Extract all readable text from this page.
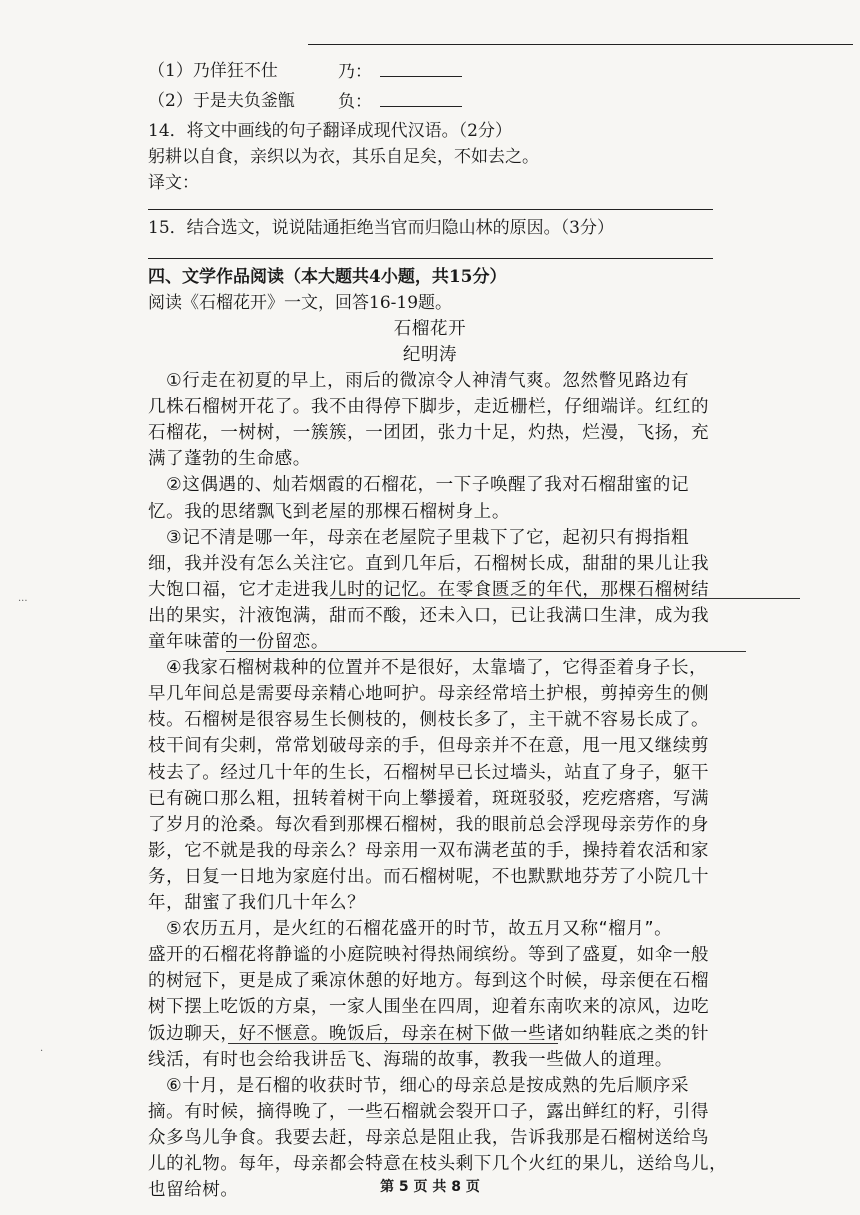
（1）乃佯狂不仕	乃：
（2）于是夫负釜甑	负：
14．将文中画线的句子翻译成现代汉语。（2分）
躬耕以自食，亲织以为衣，其乐自足矣，不如去之。
译文：
15．结合选文，说说陆通拒绝当官而归隐山林的原因。（3分）
四、文学作品阅读（本大题共4小题，共15分）
阅读《石榴花开》一文，回答16-19题。
石榴花开
纪明涛
①行走在初夏的早上，雨后的微凉令人神清气爽。忽然瞥见路边有
几株石榴树开花了。我不由得停下脚步，走近栅栏，仔细端详。红红的
石榴花，一树树，一簇簇，一团团，张力十足，灼热，烂漫，飞扬，充
满了蓬勃的生命感。
②这偶遇的、灿若烟霞的石榴花，一下子唤醒了我对石榴甜蜜的记
忆。我的思绪飘飞到老屋的那棵石榴树身上。
③记不清是哪一年，母亲在老屋院子里栽下了它，起初只有拇指粗
细，我并没有怎么关注它。直到几年后，石榴树长成，甜甜的果儿让我
大饱口福，它才走进我儿时的记忆。在零食匮乏的年代，那棵石榴树结
出的果实，汁液饱满，甜而不酸，还未入口，已让我满口生津，成为我
童年味蕾的一份留恋。
④我家石榴树栽种的位置并不是很好，太靠墙了，它得歪着身子长，
早几年间总是需要母亲精心地呵护。母亲经常培土护根，剪掉旁生的侧
枝。石榴树是很容易生长侧枝的，侧枝长多了，主干就不容易长成了。
枝干间有尖刺，常常划破母亲的手，但母亲并不在意，甩一甩又继续剪
枝去了。经过几十年的生长，石榴树早已长过墙头，站直了身子，躯干
已有碗口那么粗，扭转着树干向上攀援着，斑斑驳驳，疙疙瘩瘩，写满
了岁月的沧桑。每次看到那棵石榴树，我的眼前总会浮现母亲劳作的身
影，它不就是我的母亲么？母亲用一双布满老茧的手，操持着农活和家
务，日复一日地为家庭付出。而石榴树呢，不也默默地芬芳了小院几十
年，甜蜜了我们几十年么？
⑤农历五月，是火红的石榴花盛开的时节，故五月又称“榴月”。
盛开的石榴花将静谧的小庭院映衬得热闹缤纷。等到了盛夏，如伞一般
的树冠下，更是成了乘凉休憩的好地方。每到这个时候，母亲便在石榴
树下摆上吃饭的方桌，一家人围坐在四周，迎着东南吹来的凉风，边吃
饭边聊天，好不惬意。晚饭后，母亲在树下做一些诸如纳鞋底之类的针
线活，有时也会给我讲岳飞、海瑞的故事，教我一些做人的道理。
⑥十月，是石榴的收获时节，细心的母亲总是按成熟的先后顺序采
摘。有时候，摘得晚了，一些石榴就会裂开口子，露出鲜红的籽，引得
众多鸟儿争食。我要去赶，母亲总是阻止我，告诉我那是石榴树送给鸟
儿的礼物。每年，母亲都会特意在枝头剩下几个火红的果儿，送给鸟儿，
也留给树。
···
·
第 5 页 共 8 页
